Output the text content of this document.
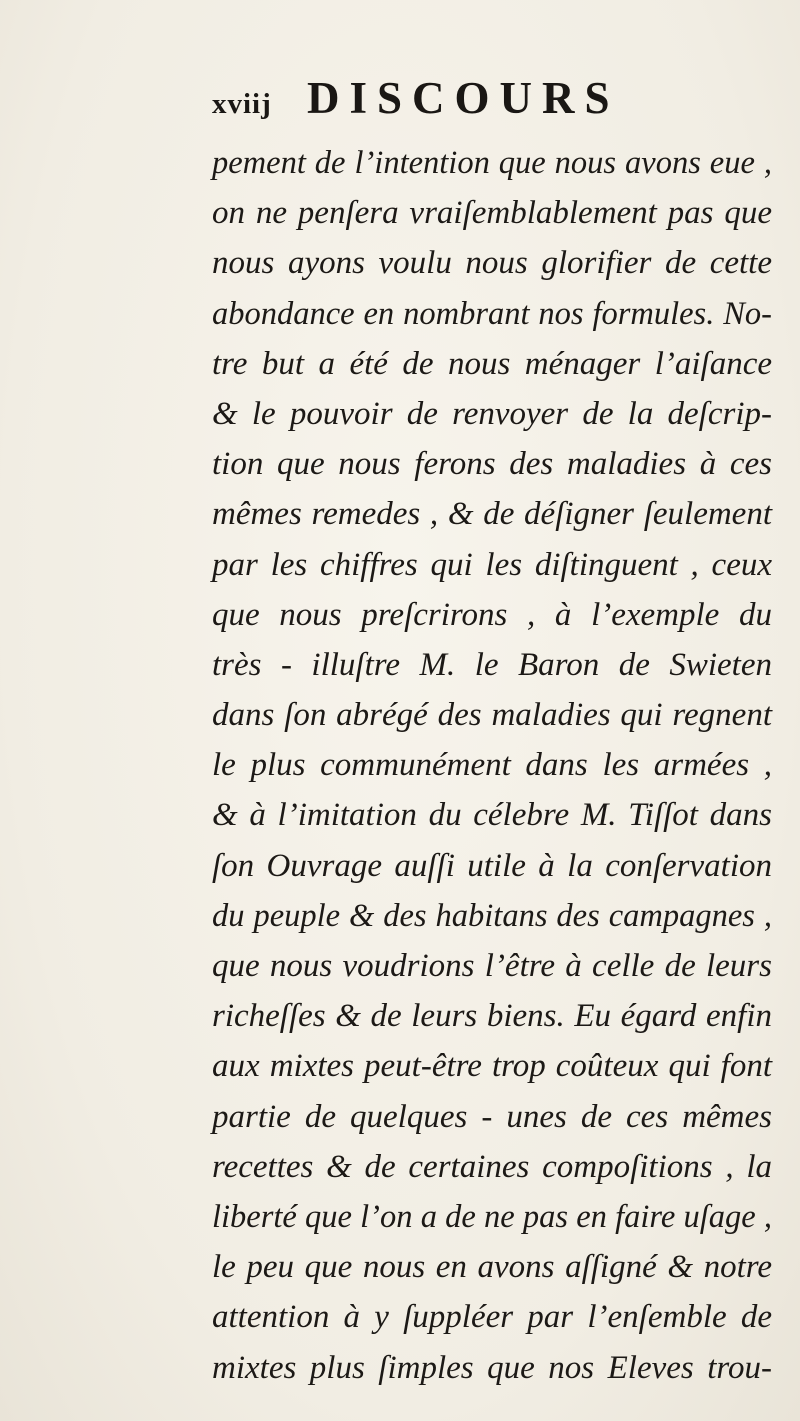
xviij DISCOURS
pement de l’intention que nous avons eue ,
on ne penſera vraiſemblablement pas que
nous ayons voulu nous glorifier de cette
abondance en nombrant nos formules. No-
tre but a été de nous ménager l’aiſance
& le pouvoir de renvoyer de la deſcrip-
tion que nous ferons des maladies à ces
mêmes remedes , & de déſigner ſeulement
par les chiffres qui les diſtinguent , ceux
que nous preſcrirons , à l’exemple du
très - illuſtre M. le Baron de Swieten
dans ſon abrégé des maladies qui regnent
le plus communément dans les armées ,
& à l’imitation du célebre M. Tiſſot dans
ſon Ouvrage auſſi utile à la conſervation
du peuple & des habitans des campagnes ,
que nous voudrions l’être à celle de leurs
richeſſes & de leurs biens. Eu égard enfin
aux mixtes peut-être trop coûteux qui font
partie de quelques - unes de ces mêmes
recettes & de certaines compoſitions , la
liberté que l’on a de ne pas en faire uſage ,
le peu que nous en avons aſſigné & notre
attention à y ſuppléer par l’enſemble de
mixtes plus ſimples que nos Eleves trou-
